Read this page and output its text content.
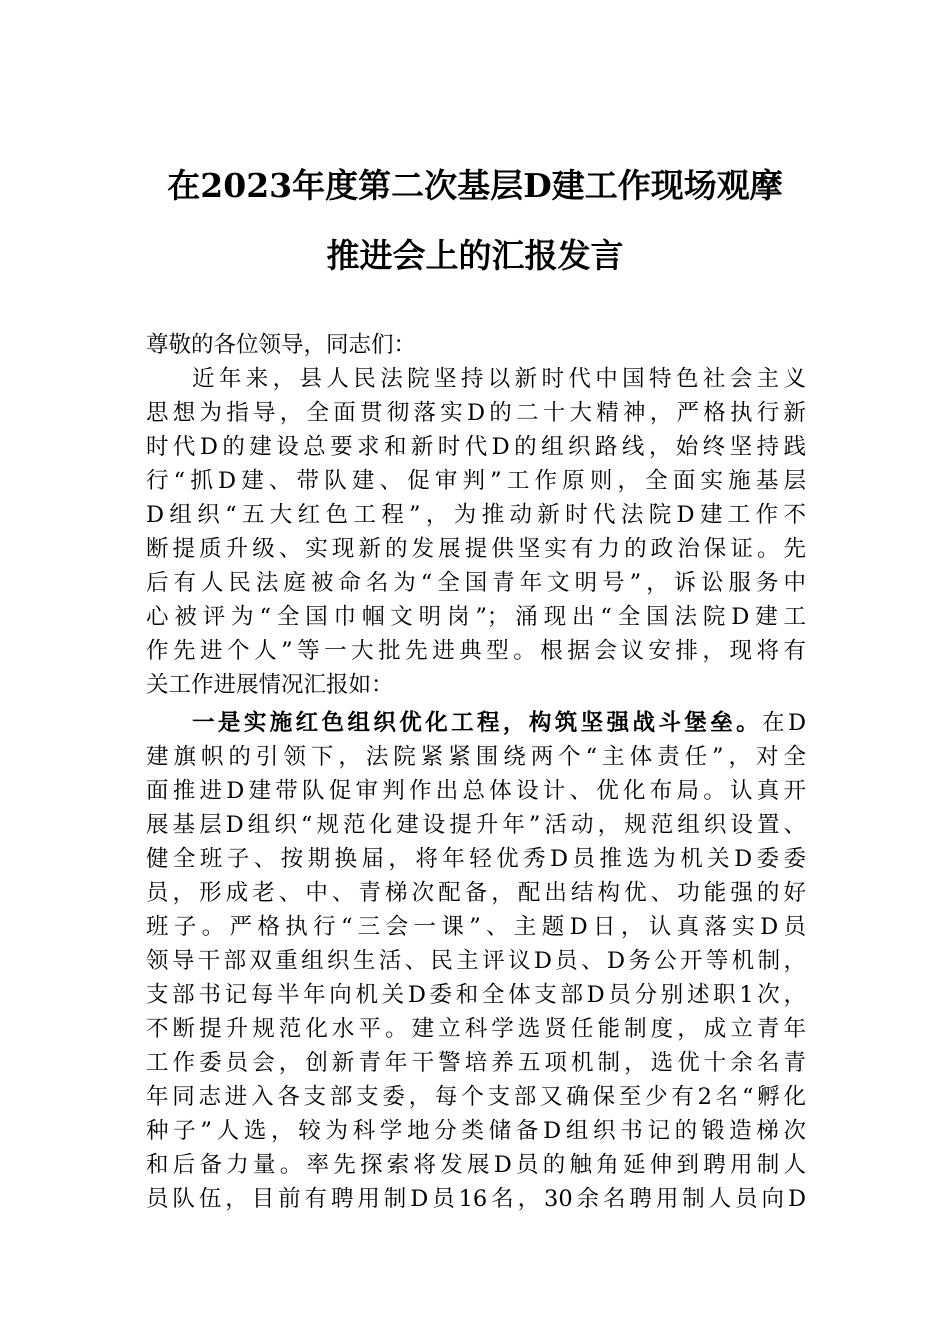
在2023年度第二次基层D建工作现场观摩
推进会上的汇报发言
尊敬的各位领导，同志们：
近年来，县人民法院坚持以新时代中国特色社会主义
思想为指导，全面贯彻落实D的二十大精神，严格执行新
时代D的建设总要求和新时代D的组织路线，始终坚持践
行“抓D建、带队建、促审判”工作原则，全面实施基层
D组织“五大红色工程”，为推动新时代法院D建工作不
断提质升级、实现新的发展提供坚实有力的政治保证。先
后有人民法庭被命名为“全国青年文明号”，诉讼服务中
心被评为“全国巾帼文明岗”；涌现出“全国法院D建工
作先进个人”等一大批先进典型。根据会议安排，现将有
关工作进展情况汇报如：
一是实施红色组织优化工程，构筑坚强战斗堡垒。在D
建旗帜的引领下，法院紧紧围绕两个“主体责任”，对全
面推进D建带队促审判作出总体设计、优化布局。认真开
展基层D组织“规范化建设提升年”活动，规范组织设置、
健全班子、按期换届，将年轻优秀D员推选为机关D委委
员，形成老、中、青梯次配备，配出结构优、功能强的好
班子。严格执行“三会一课”、主题D日，认真落实D员
领导干部双重组织生活、民主评议D员、D务公开等机制，
支部书记每半年向机关D委和全体支部D员分别述职1次，
不断提升规范化水平。建立科学选贤任能制度，成立青年
工作委员会，创新青年干警培养五项机制，选优十余名青
年同志进入各支部支委，每个支部又确保至少有2名“孵化
种子”人选，较为科学地分类储备D组织书记的锻造梯次
和后备力量。率先探索将发展D员的触角延伸到聘用制人
员队伍，目前有聘用制D员16名，30余名聘用制人员向D
